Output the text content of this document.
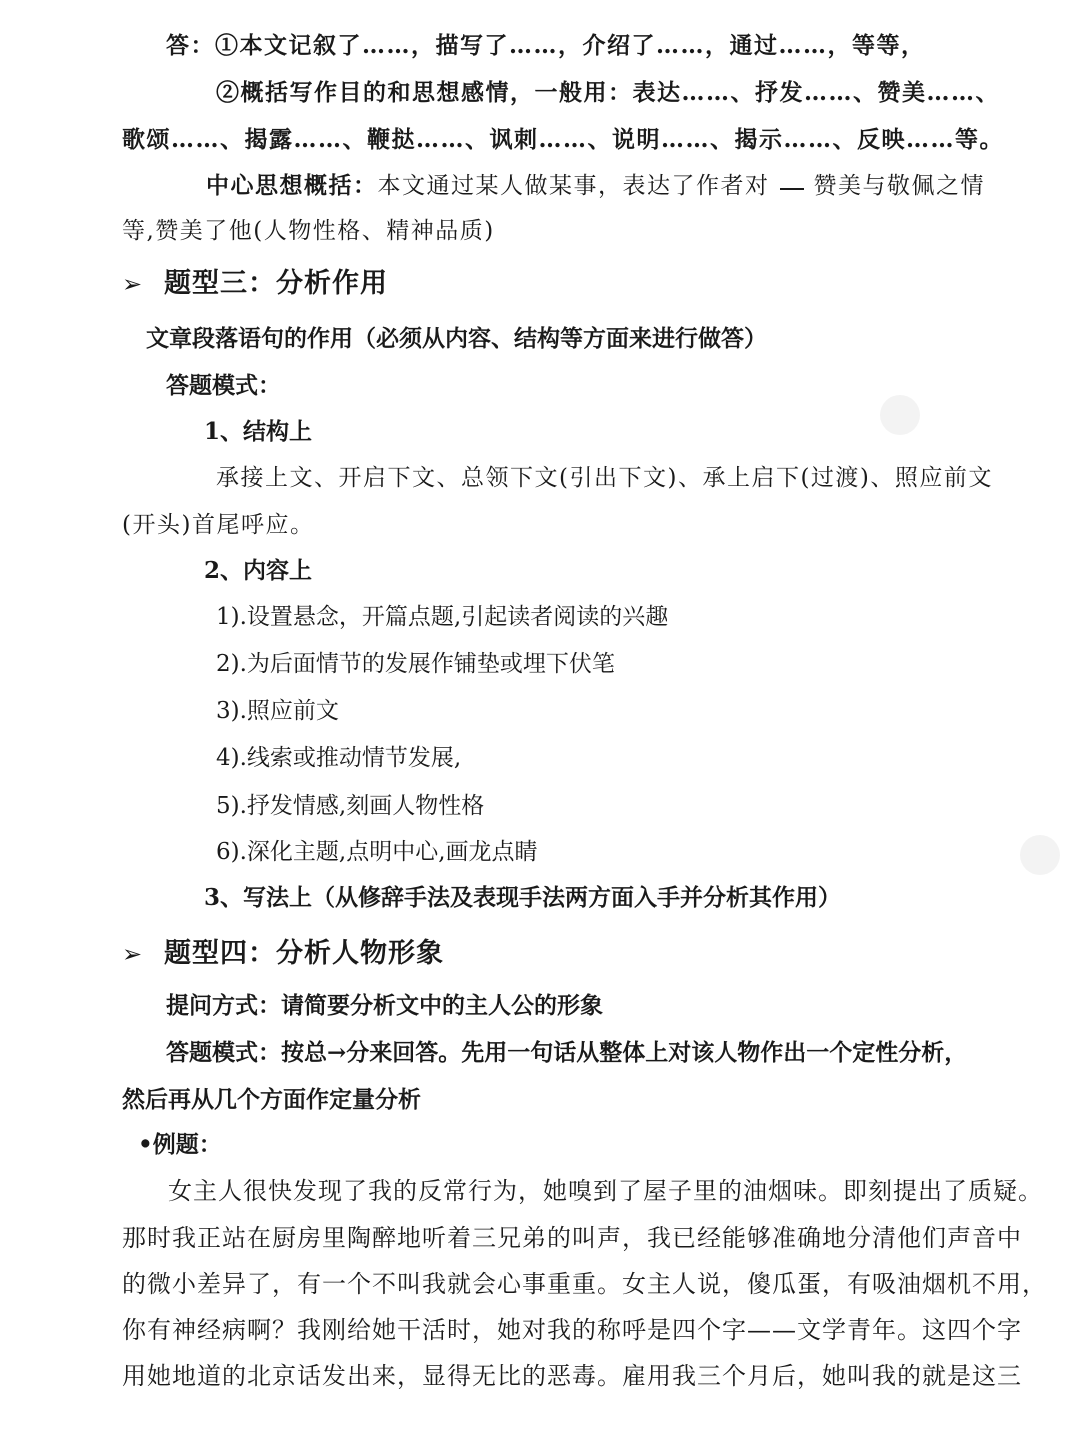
答：①本文记叙了……，描写了……，介绍了……，通过……，等等，
②概括写作目的和思想感情，一般用：表达……、抒发……、赞美……、
歌颂……、揭露……、鞭挞……、讽刺……、说明……、揭示……、反映……等。
中心思想概括：本文通过某人做某事，表达了作者对 赞美与敬佩之情
等,赞美了他(人物性格、精神品质)
➢ 题型三：分析作用
文章段落语句的作用（必须从内容、结构等方面来进行做答）
答题模式：
1、结构上
承接上文、开启下文、总领下文(引出下文)、承上启下(过渡)、照应前文
(开头)首尾呼应。
2、内容上
1).设置悬念，开篇点题,引起读者阅读的兴趣
2).为后面情节的发展作铺垫或埋下伏笔
3).照应前文
4).线索或推动情节发展,
5).抒发情感,刻画人物性格
6).深化主题,点明中心,画龙点睛
3、写法上（从修辞手法及表现手法两方面入手并分析其作用）
➢ 题型四：分析人物形象
提问方式：请简要分析文中的主人公的形象
答题模式：按总→分来回答。先用一句话从整体上对该人物作出一个定性分析，
然后再从几个方面作定量分析
•例题：
女主人很快发现了我的反常行为，她嗅到了屋子里的油烟味。即刻提出了质疑。
那时我正站在厨房里陶醉地听着三兄弟的叫声，我已经能够准确地分清他们声音中
的微小差异了，有一个不叫我就会心事重重。女主人说，傻瓜蛋，有吸油烟机不用，
你有神经病啊？我刚给她干活时，她对我的称呼是四个字——文学青年。这四个字
用她地道的北京话发出来，显得无比的恶毒。雇用我三个月后，她叫我的就是这三
